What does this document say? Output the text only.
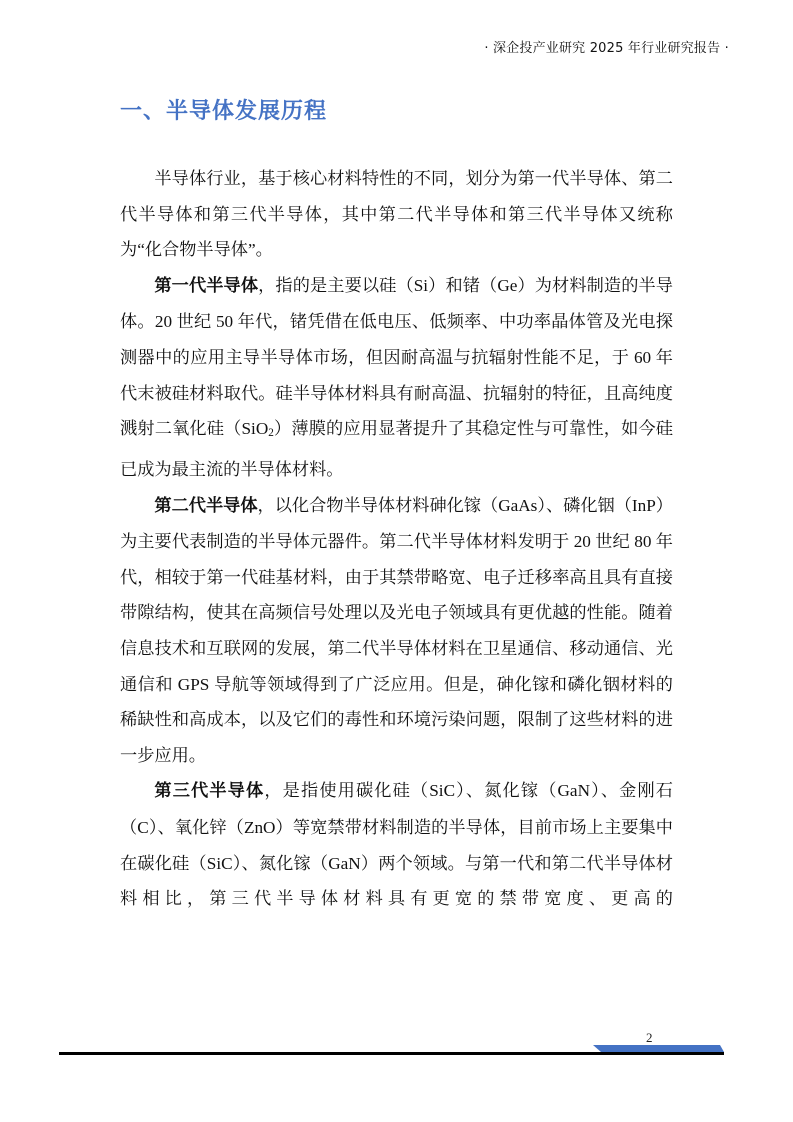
· 深企投产业研究 2025 年行业研究报告 ·
一、半导体发展历程

半导体行业，基于核心材料特性的不同，划分为第一代半导体、第二代半导体和第三代半导体，其中第二代半导体和第三代半导体又统称为“化合物半导体”。

第一代半导体，指的是主要以硅（Si）和锗（Ge）为材料制造的半导体。20 世纪 50 年代，锗凭借在低电压、低频率、中功率晶体管及光电探测器中的应用主导半导体市场，但因耐高温与抗辐射性能不足，于 60 年代末被硅材料取代。硅半导体材料具有耐高温、抗辐射的特征，且高纯度溅射二氧化硅（SiO$_2$）薄膜的应用显著提升了其稳定性与可靠性，如今硅已成为最主流的半导体材料。

第二代半导体，以化合物半导体材料砷化镓（GaAs）、磷化铟（InP）为主要代表制造的半导体元器件。第二代半导体材料发明于 20 世纪 80 年代，相较于第一代硅基材料，由于其禁带略宽、电子迁移率高且具有直接带隙结构，使其在高频信号处理以及光电子领域具有更优越的性能。随着信息技术和互联网的发展，第二代半导体材料在卫星通信、移动通信、光通信和 GPS 导航等领域得到了广泛应用。但是，砷化镓和磷化铟材料的稀缺性和高成本，以及它们的毒性和环境污染问题，限制了这些材料的进一步应用。

第三代半导体，是指使用碳化硅（SiC）、氮化镓（GaN）、金刚石（C）、氧化锌（ZnO）等宽禁带材料制造的半导体，目前市场上主要集中在碳化硅（SiC）、氮化镓（GaN）两个领域。与第一代和第二代半导体材料相比，第三代半导体材料具有更宽的禁带宽度、更高的

2
